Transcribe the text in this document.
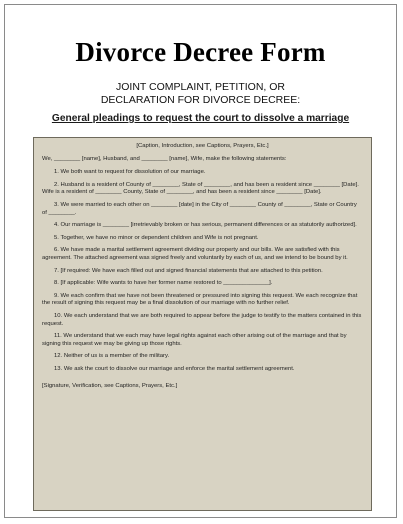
Divorce Decree Form
JOINT COMPLAINT, PETITION, OR
DECLARATION FOR DIVORCE DECREE:
General pleadings to request the court to dissolve a marriage
[Caption, Introduction, see Captions, Prayers, Etc.]
We, ________ [name], Husband, and ________ [name], Wife, make the following statements:
1. We both want to request for dissolution of our marriage.
2. Husband is a resident of County of ________, State of ________, and has been a resident since ________ [Date]. Wife is a resident of ________ County, State of ________, and has been a resident since ________ [Date].
3. We were married to each other on ________ [date] in the City of ________ County of ________, State or Country of ________.
4. Our marriage is ________ [irretrievably broken or has serious, permanent differences or as statutorily authorized].
5. Together, we have no minor or dependent children and Wife is not pregnant.
6. We have made a marital settlement agreement dividing our property and our bills. We are satisfied with this agreement. The attached agreement was signed freely and voluntarily by each of us, and we intend to be bound by it.
7. [If required: We have each filled out and signed financial statements that are attached to this petition.
8. [If applicable: Wife wants to have her former name restored to ______________].
9. We each confirm that we have not been threatened or pressured into signing this request. We each recognize that the result of signing this request may be a final dissolution of our marriage with no further relief.
10. We each understand that we are both required to appear before the judge to testify to the matters contained in this request.
11. We understand that we each may have legal rights against each other arising out of the marriage and that by signing this request we may be giving up those rights.
12. Neither of us is a member of the military.
13. We ask the court to dissolve our marriage and enforce the marital settlement agreement.
[Signature, Verification, see Captions, Prayers, Etc.]
